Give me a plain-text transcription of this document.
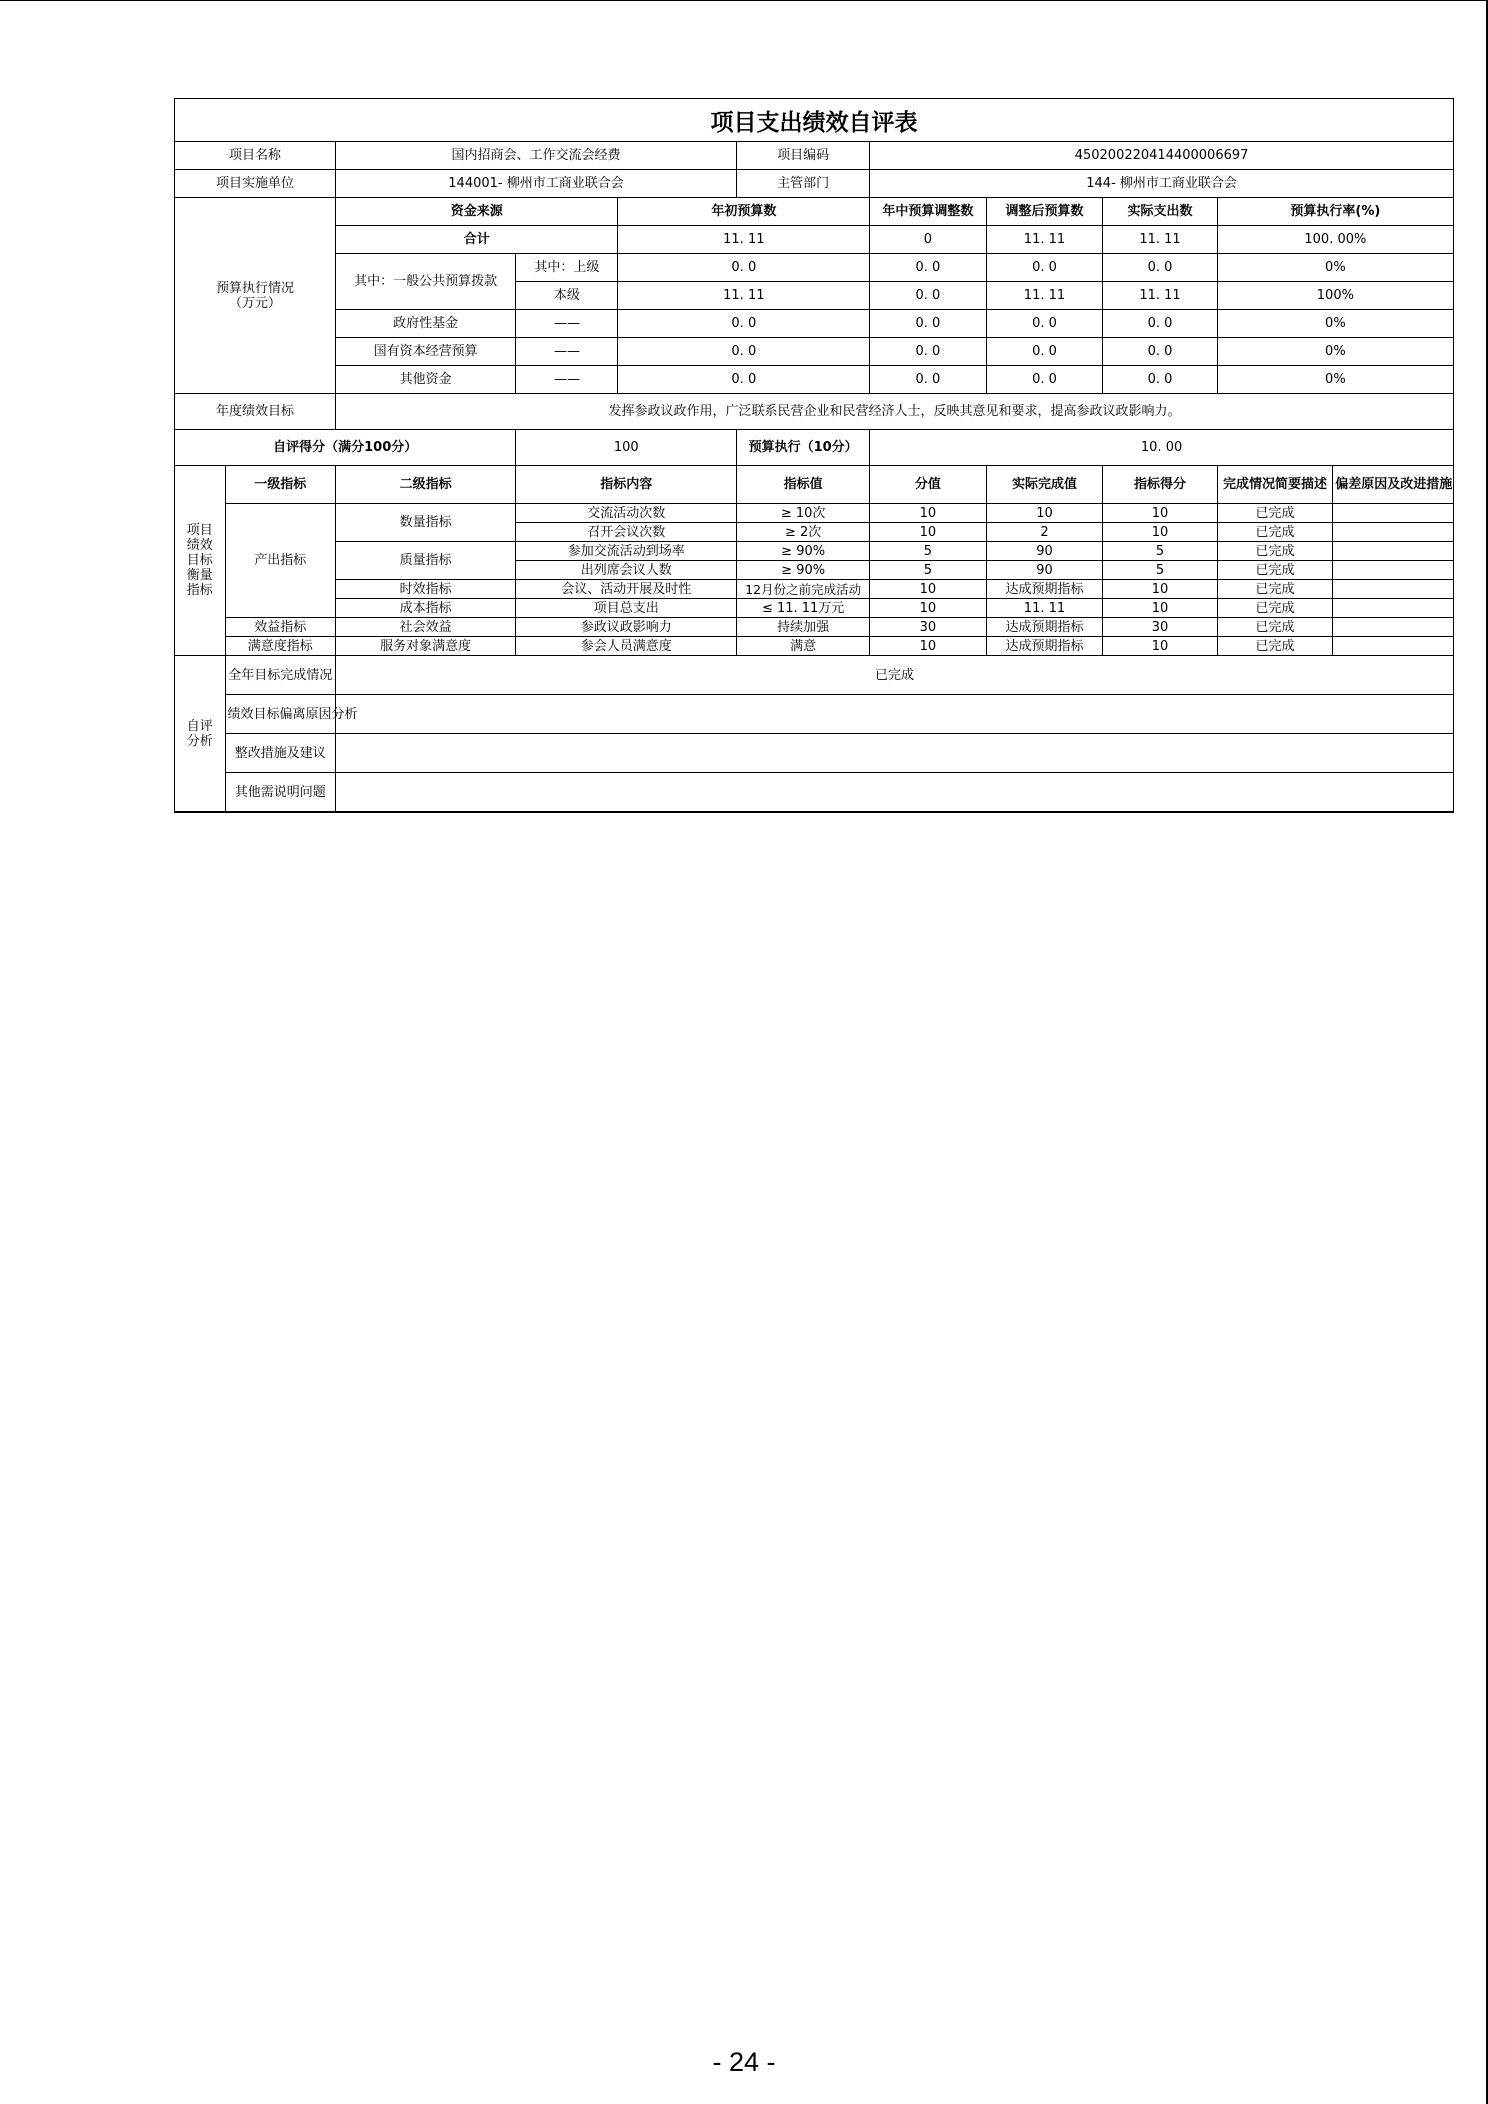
项目支出绩效自评表
项目名称		国内招商会、工作交流会经费			项目编码	450200220414400006697				
项目实施单位		144001- 柳州市工商业联合会			主管部门	144- 柳州市工商业联合会				
预算执行情况
（万元）		资金来源		年初预算数		年中预算调整数	调整后预算数	实际支出数	预算执行率(%)	
		合计		11. 11		0	11. 11	11. 11	100. 00%	
		其中：一般公共预算拨款	其中：上级	0. 0		0. 0	0. 0	0. 0	0%	
			本级	11. 11		0. 0	11. 11	11. 11	100%	
		政府性基金	——	0. 0		0. 0	0. 0	0. 0	0%	
		国有资本经营预算	——	0. 0		0. 0	0. 0	0. 0	0%	
		其他资金	——	0. 0		0. 0	0. 0	0. 0	0%	
年度绩效目标		发挥参政议政作用，广泛联系民营企业和民营经济人士，反映其意见和要求，提高参政议政影响力。								
自评得分（满分100分）			100		预算执行（10分）	10. 00				
项目
绩效
目标
衡量
指标	一级指标	二级指标	指标内容		指标值	分值	实际完成值	指标得分	完成情况简要描述	偏差原因及改进措施
	产出指标	数量指标	交流活动次数		≥ 10次	10	10	10	已完成	
			召开会议次数		≥ 2次	10	2	10	已完成	
		质量指标	参加交流活动到场率		≥ 90%	5	90	5	已完成	
			出列席会议人数		≥ 90%	5	90	5	已完成	
		时效指标	会议、活动开展及时性		12月份之前完成活动	10	达成预期指标	10	已完成	
		成本指标	项目总支出		≤ 11. 11万元	10	11. 11	10	已完成	
	效益指标	社会效益	参政议政影响力		持续加强	30	达成预期指标	30	已完成	
	满意度指标	服务对象满意度	参会人员满意度		满意	10	达成预期指标	10	已完成	
自评
分析	全年目标完成情况	已完成								
	绩效目标偏离原因分析									
	整改措施及建议									
	其他需说明问题									
- 24 -
